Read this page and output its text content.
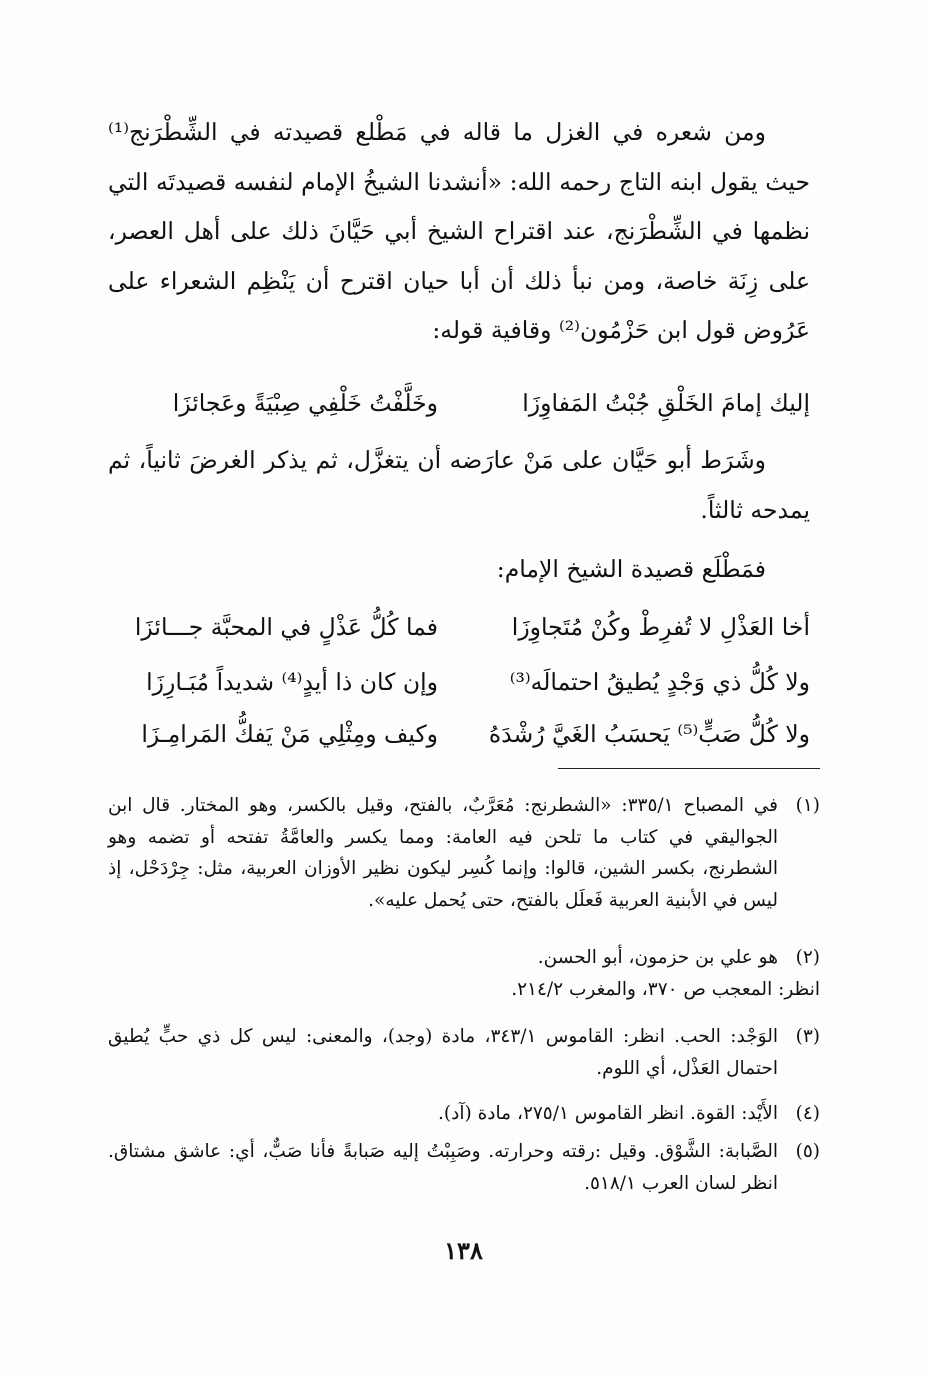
ومن شعره في الغزل ما قاله في مَطْلع قصيدته في الشِّطْرَنج⁽¹⁾ حيث يقول ابنه التاج رحمه الله: «أنشدنا الشيخُ الإمام لنفسه قصيدتَه التي نظمها في الشِّطْرَنج، عند اقتراح الشيخ أبي حَيَّانَ ذلك على أهل العصر، على زِنَة خاصة، ومن نبأ ذلك أن أبا حيان اقترح أن يَنْظِم الشعراء على عَرُوض قول ابن حَزْمُون⁽²⁾ وقافية قوله:

إليك إمامَ الخَلْقِ جُبْتُ المَفاوِزَا
وخَلَّفْتُ خَلْفِي صِبْيَةً وعَجائزَا

وشَرَط أبو حَيَّان على مَنْ عارَضه أن يتغزَّل، ثم يذكر الغرضَ ثانياً، ثم يمدحه ثالثاً.

فمَطْلَع قصيدة الشيخ الإمام:

أخا العَذْلِ لا تُفرِطْ وكُنْ مُتَجاوِزَا
فما كُلُّ عَذْلٍ في المحبَّة جـــائزَا
ولا كُلُّ ذي وَجْدٍ يُطيقُ احتمالَه⁽³⁾
وإن كان ذا أيدٍ⁽⁴⁾ شديداً مُبَـارِزَا
ولا كُلُّ صَبٍّ⁽⁵⁾ يَحسَبُ الغَيَّ رُشْدَهُ
وكيف ومِثْلِي مَنْ يَفكُّ المَرامِـزَا
(١)
في المصباح ٣٣٥/١: «الشطرنج: مُعَرَّبٌ، بالفتح، وقيل بالكسر، وهو المختار. قال ابن الجواليقي في كتاب ما تلحن فيه العامة: ومما يكسر والعامَّةُ تفتحه أو تضمه وهو الشطرنج، بكسر الشين، قالوا: وإنما كُسِر ليكون نظير الأوزان العربية، مثل: جِرْدَحْل، إذ ليس في الأبنية العربية فَعلَل بالفتح، حتى يُحمل عليه».
(٢)
هو علي بن حزمون، أبو الحسن.
انظر: المعجب ص ٣٧٠، والمغرب ٢١٤/٢.
(٣)
الوَجْد: الحب. انظر: القاموس ٣٤٣/١، مادة (وجد)، والمعنى: ليس كل ذي حبٍّ يُطيق احتمال العَذْل، أي اللوم.
(٤)
الأَيْد: القوة. انظر القاموس ٢٧٥/١، مادة (آد).
(٥)
الصَّبابة: الشَّوْق. وقيل :رقته وحرارته. وصَبِبْتُ إليه صَبابةً فأنا صَبٌّ، أي: عاشق مشتاق. انظر لسان العرب ٥١٨/١.
١٣٨
